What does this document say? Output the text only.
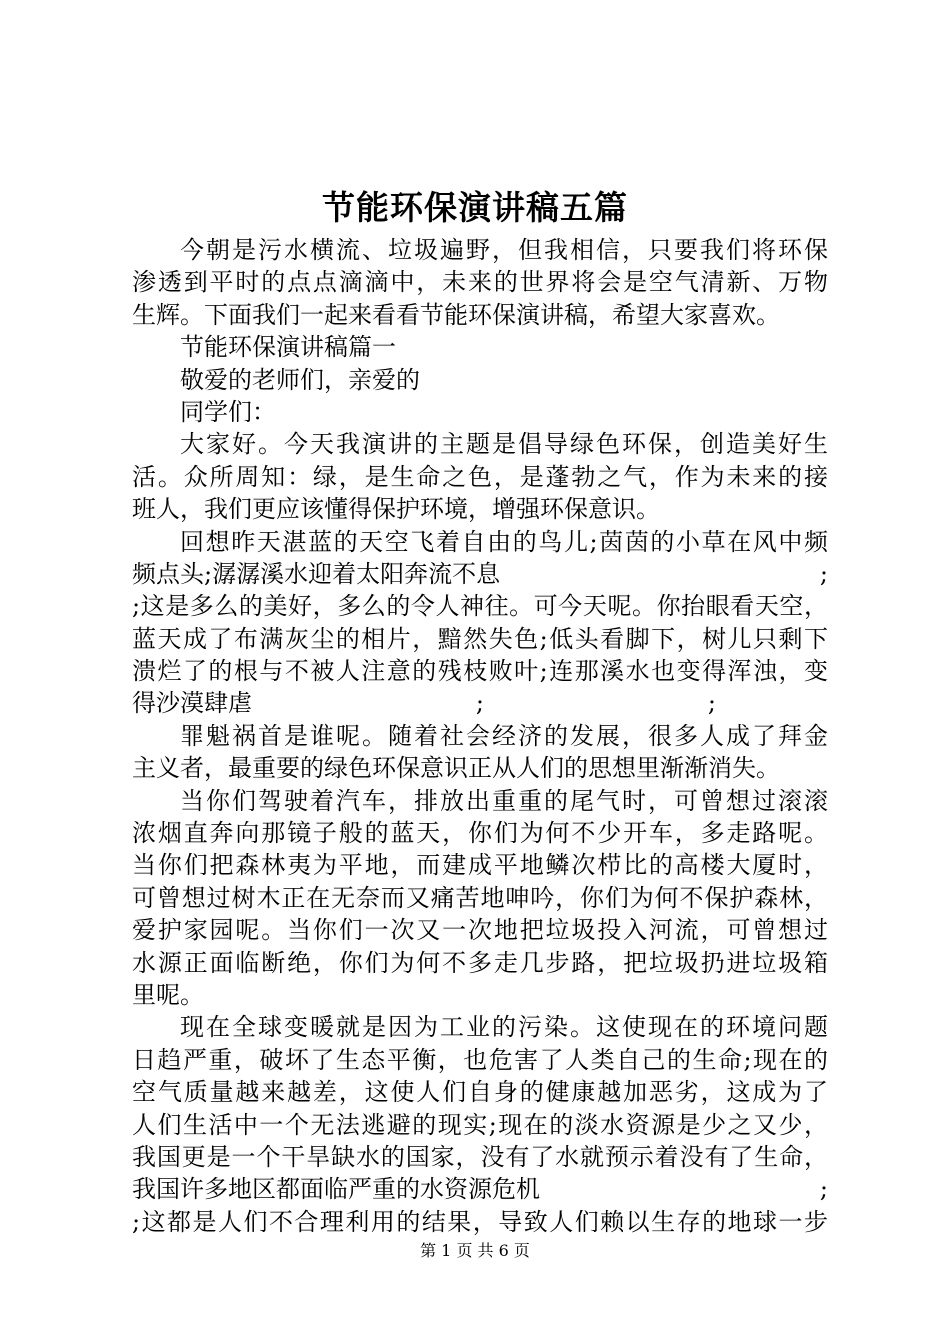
节能环保演讲稿五篇
今朝是污水横流、垃圾遍野，但我相信，只要我们将环保
渗透到平时的点点滴滴中，未来的世界将会是空气清新、万物
生辉。下面我们一起来看看节能环保演讲稿，希望大家喜欢。
节能环保演讲稿篇一
敬爱的老师们，亲爱的
同学们：
大家好。今天我演讲的主题是倡导绿色环保，创造美好生
活。众所周知：绿，是生命之色，是蓬勃之气，作为未来的接
班人，我们更应该懂得保护环境，增强环保意识。
回想昨天湛蓝的天空飞着自由的鸟儿;茵茵的小草在风中频
频点头;潺潺溪水迎着太阳奔流不息	;
;这是多么的美好，多么的令人神往。可今天呢。你抬眼看天空，
蓝天成了布满灰尘的相片，黯然失色;低头看脚下，树儿只剩下
溃烂了的根与不被人注意的残枝败叶;连那溪水也变得浑浊，变
得沙漠肆虐	;	;
罪魁祸首是谁呢。随着社会经济的发展，很多人成了拜金
主义者，最重要的绿色环保意识正从人们的思想里渐渐消失。
当你们驾驶着汽车，排放出重重的尾气时，可曾想过滚滚
浓烟直奔向那镜子般的蓝天，你们为何不少开车，多走路呢。
当你们把森林夷为平地，而建成平地鳞次栉比的高楼大厦时，
可曾想过树木正在无奈而又痛苦地呻吟，你们为何不保护森林，
爱护家园呢。当你们一次又一次地把垃圾投入河流，可曾想过
水源正面临断绝，你们为何不多走几步路，把垃圾扔进垃圾箱
里呢。
现在全球变暖就是因为工业的污染。这使现在的环境问题
日趋严重，破坏了生态平衡，也危害了人类自己的生命;现在的
空气质量越来越差，这使人们自身的健康越加恶劣，这成为了
人们生活中一个无法逃避的现实;现在的淡水资源是少之又少，
我国更是一个干旱缺水的国家，没有了水就预示着没有了生命，
我国许多地区都面临严重的水资源危机	;
;这都是人们不合理利用的结果，导致人们赖以生存的地球一步
第 1 页 共 6 页
